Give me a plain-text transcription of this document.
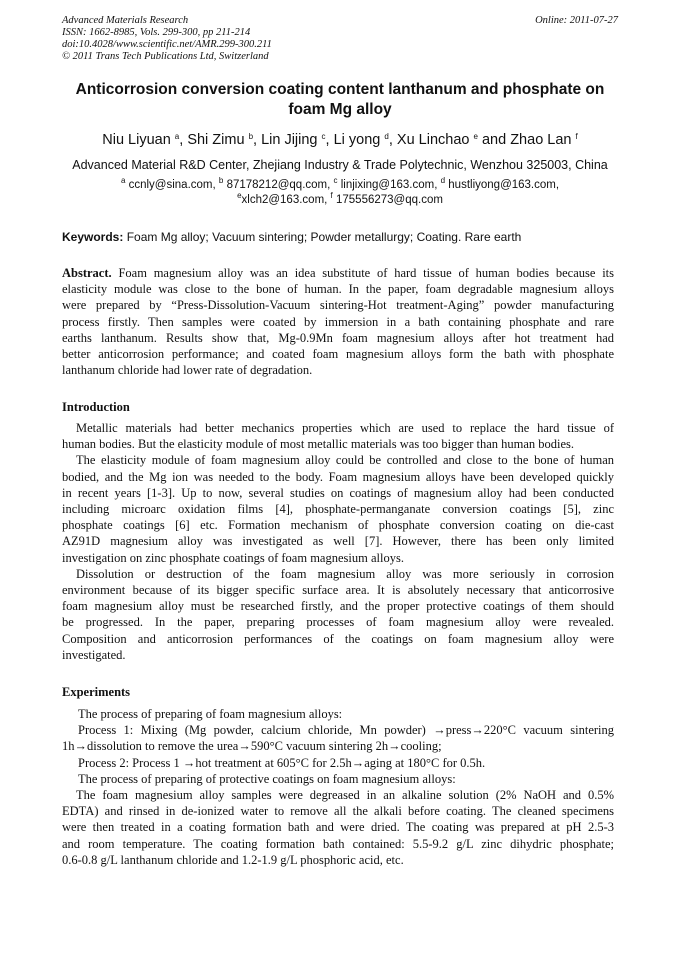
Advanced Materials Research
ISSN: 1662-8985, Vols. 299-300, pp 211-214
doi:10.4028/www.scientific.net/AMR.299-300.211
© 2011 Trans Tech Publications Ltd, Switzerland
Online: 2011-07-27
Anticorrosion conversion coating content lanthanum and phosphate on
foam Mg alloy
Niu Liyuan $^a$, Shi Zimu $^b$, Lin Jijing $^c$, Li yong $^d$, Xu Linchao $^e$ and Zhao Lan $^f$
Advanced Material R&D Center, Zhejiang Industry & Trade Polytechnic, Wenzhou 325003, China
$^a$ ccnly@sina.com, $^b$ 87178212@qq.com, $^c$ linjixing@163.com, $^d$ hustliyong@163.com,
$^e$xlch2@163.com, $^f$ 175556273@qq.com
Keywords: Foam Mg alloy; Vacuum sintering; Powder metallurgy; Coating. Rare earth
Abstract. Foam magnesium alloy was an idea substitute of hard tissue of human bodies because its
elasticity module was close to the bone of human. In the paper, foam degradable magnesium alloys
were prepared by “Press-Dissolution-Vacuum sintering-Hot treatment-Aging” powder manufacturing
process firstly. Then samples were coated by immersion in a bath containing phosphate and rare
earths lanthanum. Results show that, Mg-0.9Mn foam magnesium alloys after hot treatment had
better anticorrosion performance; and coated foam magnesium alloys form the bath with phosphate
lanthanum chloride had lower rate of degradation.
Introduction
Metallic materials had better mechanics properties which are used to replace the hard tissue of
human bodies. But the elasticity module of most metallic materials was too bigger than human bodies.
The elasticity module of foam magnesium alloy could be controlled and close to the bone of human
bodied, and the Mg ion was needed to the body. Foam magnesium alloys have been developed quickly
in recent years [1-3]. Up to now, several studies on coatings of magnesium alloy had been conducted
including microarc oxidation films [4], phosphate-permanganate conversion coatings [5], zinc
phosphate coatings [6] etc. Formation mechanism of phosphate conversion coating on die-cast
AZ91D magnesium alloy was investigated as well [7]. However, there has been only limited
investigation on zinc phosphate coatings of foam magnesium alloys.
Dissolution or destruction of the foam magnesium alloy was more seriously in corrosion
environment because of its bigger specific surface area. It is absolutely necessary that anticorrosive
foam magnesium alloy must be researched firstly, and the proper protective coatings of them should
be progressed. In the paper, preparing processes of foam magnesium alloy were revealed.
Composition and anticorrosion performances of the coatings on foam magnesium alloy were
investigated.
Experiments
The process of preparing of foam magnesium alloys:
Process 1: Mixing (Mg powder, calcium chloride, Mn powder) →press→220°C vacuum sintering
1h→dissolution to remove the urea→590°C vacuum sintering 2h→cooling;
Process 2: Process 1 →hot treatment at 605°C for 2.5h→aging at 180°C for 0.5h.
The process of preparing of protective coatings on foam magnesium alloys:
The foam magnesium alloy samples were degreased in an alkaline solution (2% NaOH and 0.5%
EDTA) and rinsed in de-ionized water to remove all the alkali before coating. The cleaned specimens
were then treated in a coating formation bath and were dried. The coating was prepared at pH 2.5-3
and room temperature. The coating formation bath contained: 5.5-9.2 g/L zinc dihydric phosphate;
0.6-0.8 g/L lanthanum chloride and 1.2-1.9 g/L phosphoric acid, etc.
